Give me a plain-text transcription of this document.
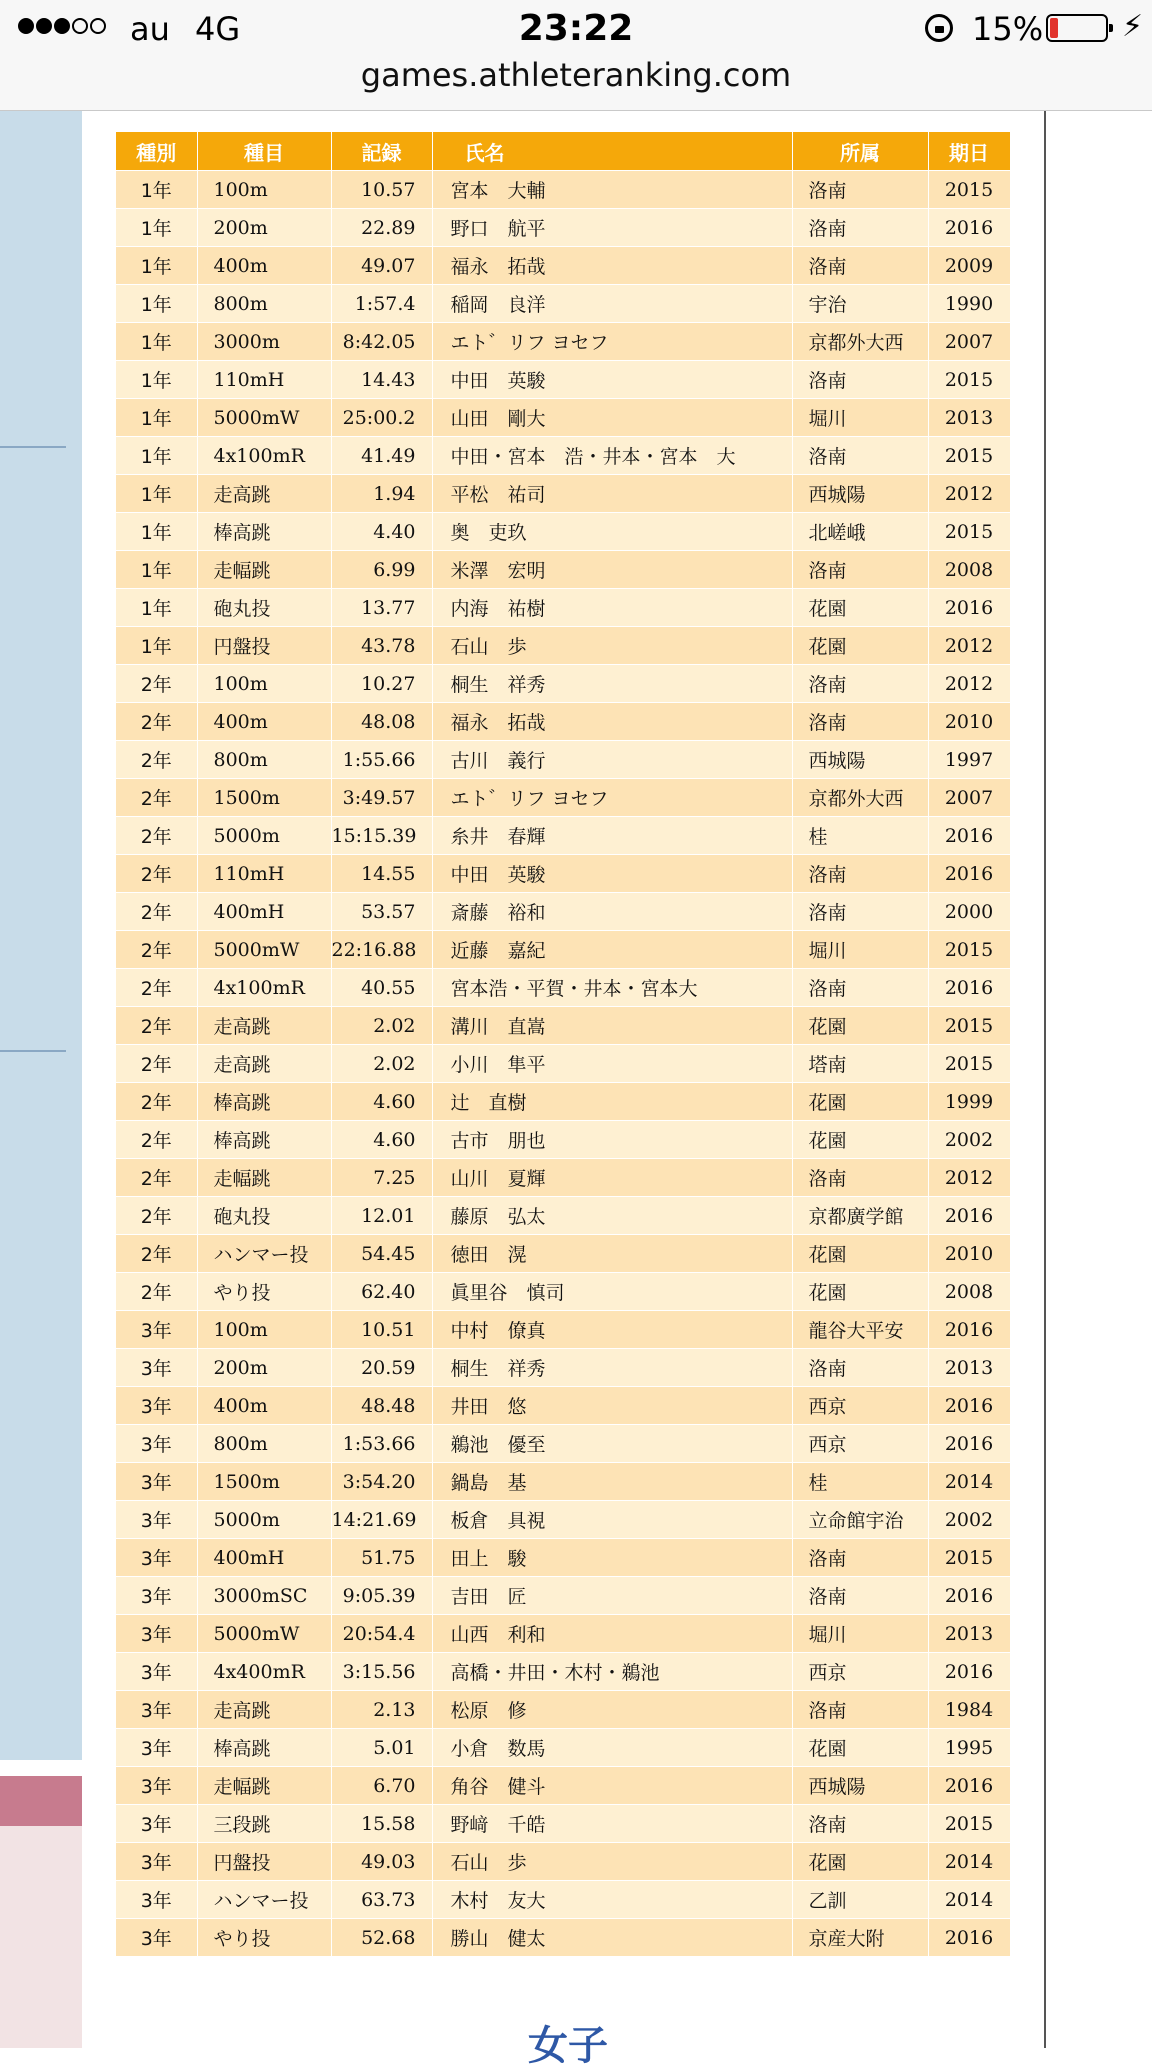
au 4G	23:22	15%	⚡
games.athleteranking.com
種別	種目	記録	氏名	所属	期日
1年	100m	10.57	宮本　大輔	洛南	2015
1年	200m	22.89	野口　航平	洛南	2016
1年	400m	49.07	福永　拓哉	洛南	2009
1年	800m	1:57.4	稲岡　良洋	宇治	1990
1年	3000m	8:42.05	エト゛リフ ヨセフ	京都外大西	2007
1年	110mH	14.43	中田　英駿	洛南	2015
1年	5000mW	25:00.2	山田　剛大	堀川	2013
1年	4x100mR	41.49	中田・宮本　浩・井本・宮本　大	洛南	2015
1年	走高跳	1.94	平松　祐司	西城陽	2012
1年	棒高跳	4.40	奥　吏玖	北嵯峨	2015
1年	走幅跳	6.99	米澤　宏明	洛南	2008
1年	砲丸投	13.77	内海　祐樹	花園	2016
1年	円盤投	43.78	石山　歩	花園	2012
2年	100m	10.27	桐生　祥秀	洛南	2012
2年	400m	48.08	福永　拓哉	洛南	2010
2年	800m	1:55.66	古川　義行	西城陽	1997
2年	1500m	3:49.57	エト゛リフ ヨセフ	京都外大西	2007
2年	5000m	15:15.39	糸井　春輝	桂	2016
2年	110mH	14.55	中田　英駿	洛南	2016
2年	400mH	53.57	斎藤　裕和	洛南	2000
2年	5000mW	22:16.88	近藤　嘉紀	堀川	2015
2年	4x100mR	40.55	宮本浩・平賀・井本・宮本大	洛南	2016
2年	走高跳	2.02	溝川　直嵩	花園	2015
2年	走高跳	2.02	小川　隼平	塔南	2015
2年	棒高跳	4.60	辻　直樹	花園	1999
2年	棒高跳	4.60	古市　朋也	花園	2002
2年	走幅跳	7.25	山川　夏輝	洛南	2012
2年	砲丸投	12.01	藤原　弘太	京都廣学館	2016
2年	ハンマー投	54.45	徳田　滉	花園	2010
2年	やり投	62.40	眞里谷　慎司	花園	2008
3年	100m	10.51	中村　僚真	龍谷大平安	2016
3年	200m	20.59	桐生　祥秀	洛南	2013
3年	400m	48.48	井田　悠	西京	2016
3年	800m	1:53.66	鵜池　優至	西京	2016
3年	1500m	3:54.20	鍋島　基	桂	2014
3年	5000m	14:21.69	板倉　具視	立命館宇治	2002
3年	400mH	51.75	田上　駿	洛南	2015
3年	3000mSC	9:05.39	吉田　匠	洛南	2016
3年	5000mW	20:54.4	山西　利和	堀川	2013
3年	4x400mR	3:15.56	高橋・井田・木村・鵜池	西京	2016
3年	走高跳	2.13	松原　修	洛南	1984
3年	棒高跳	5.01	小倉　数馬	花園	1995
3年	走幅跳	6.70	角谷　健斗	西城陽	2016
3年	三段跳	15.58	野﨑　千皓	洛南	2015
3年	円盤投	49.03	石山　歩	花園	2014
3年	ハンマー投	63.73	木村　友大	乙訓	2014
3年	やり投	52.68	勝山　健太	京産大附	2016
女子
